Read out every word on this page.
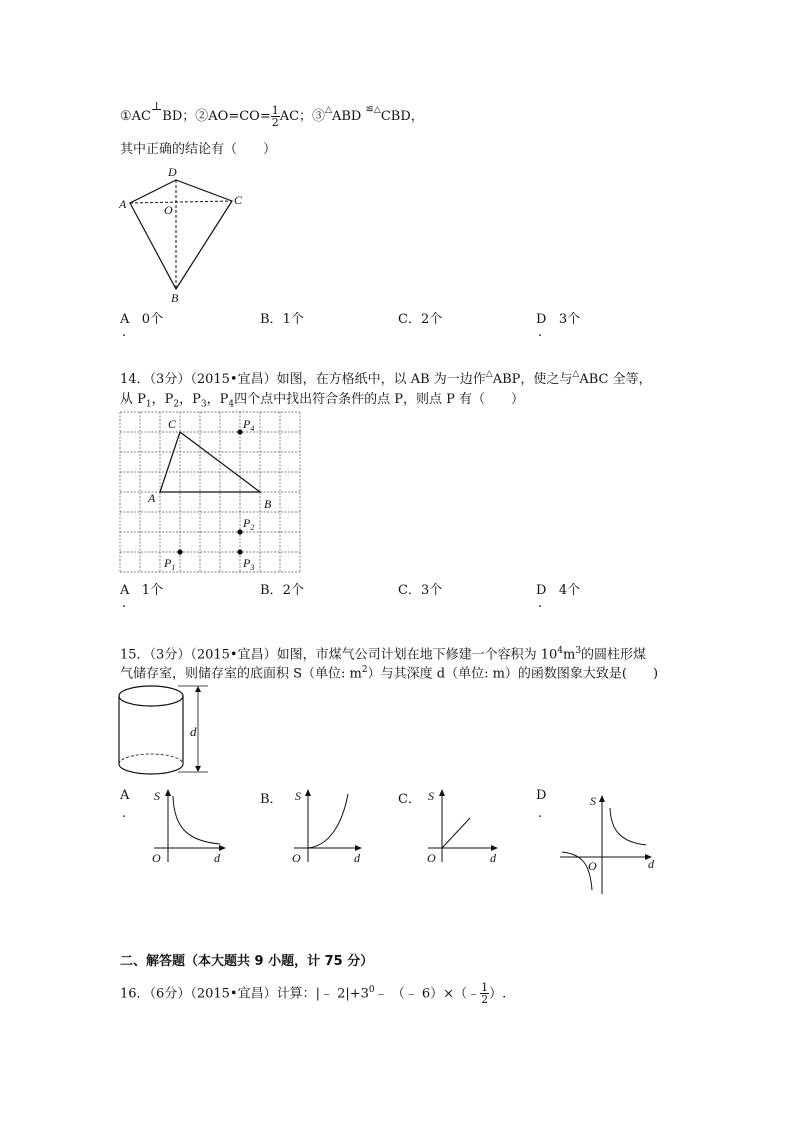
①AC⊥BD；②AO=CO= $\frac{1}{2}$ AC；③△ABD ≌△CBD，
其中正确的结论有（　　）
D
A	C
O
B
A 0个
.
B．1个	C．2个	D 3个
.
14．（3分）（2015•宜昌）如图，在方格纸中，以 AB 为一边作△ABP，使之与△ABC 全等，
从 $P_1$，$P_2$，$P_3$，$P_4$四个点中找出符合条件的点 P，则点 P 有（　　）
C
A	B
$P_4$
$P_2$
$P_1$	$P_3$
A 1个
.
B．2个	C．3个	D 4个
.
15．（3分）（2015•宜昌）如图，市煤气公司计划在地下修建一个容积为 $10^4m^3$的圆柱形煤
气储存室，则储存室的底面积 S（单位: $m^2$）与其深度 d（单位: m）的函数图象大致是(　　)
d
A
.
B．	C．	D
.
S
O	d
S
O	d
S
O	d
S
O	d
二、解答题（本大题共 9 小题，计 75 分）
16．（6分）（2015•宜昌）计算：|﹣ $2|+3^0﹣$ （﹣ 6）×（﹣ $\frac{1}{2}$ ）.
